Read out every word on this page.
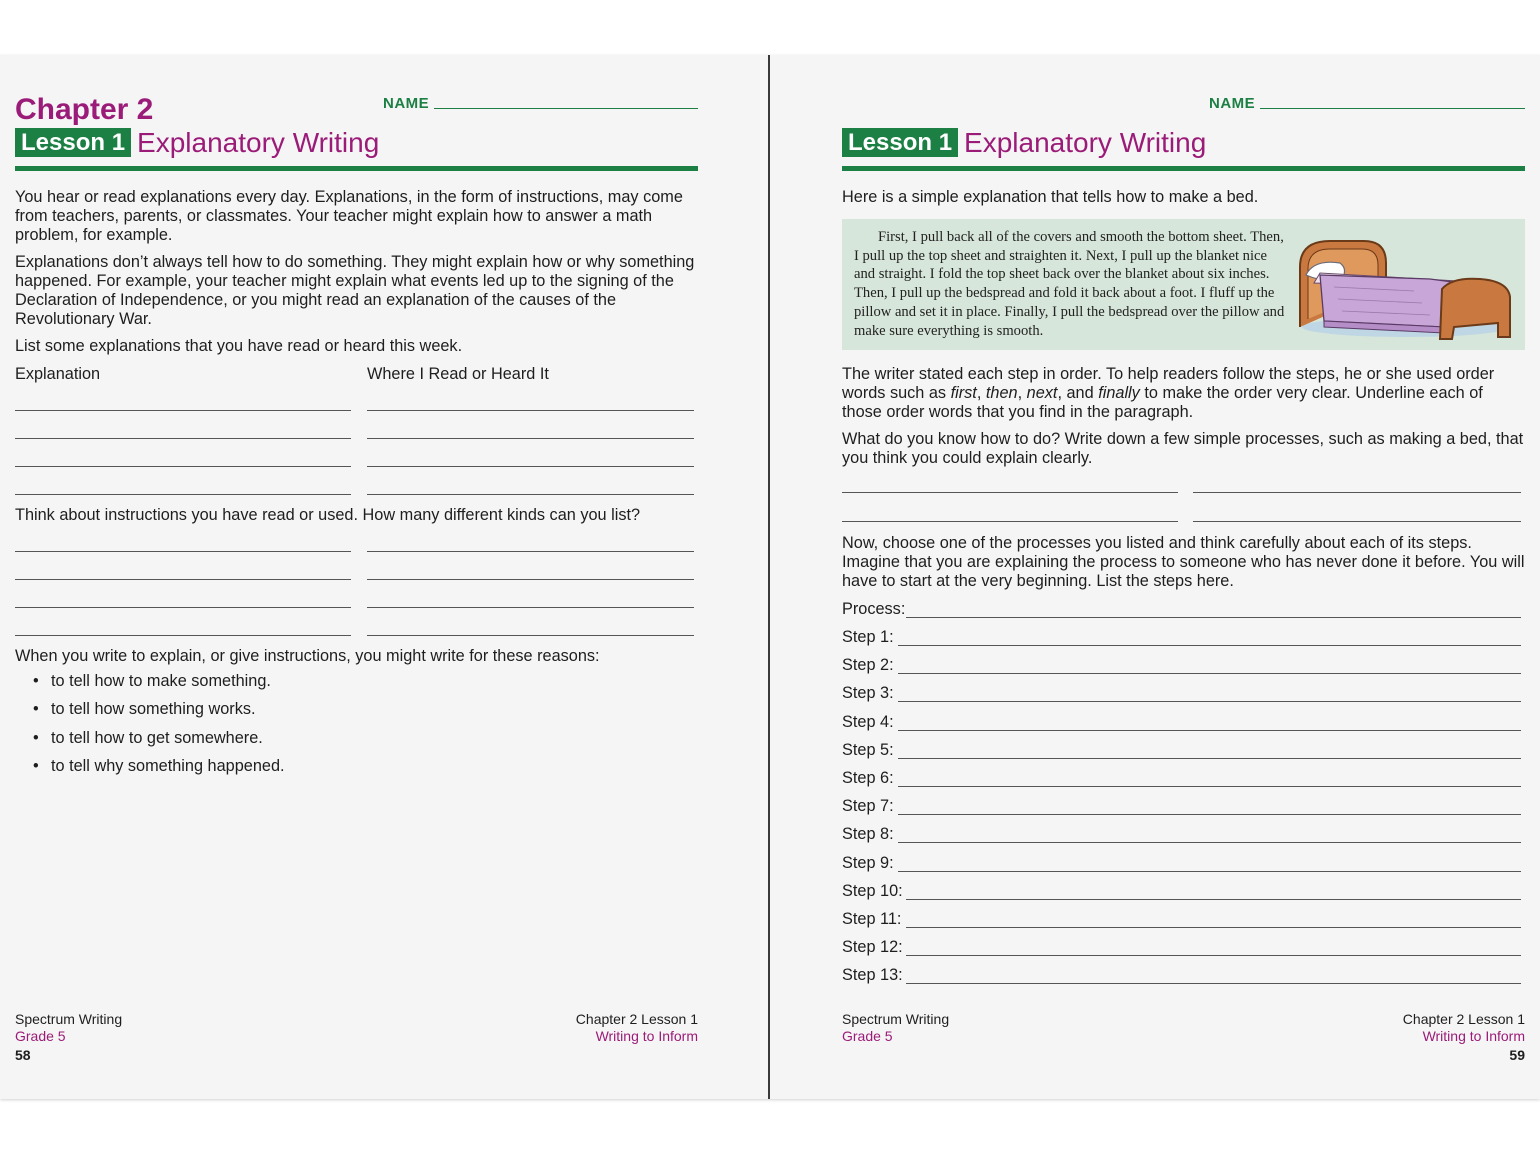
Chapter 2	NAME
Lesson 1 Explanatory Writing

You hear or read explanations every day. Explanations, in the form of instructions, may come from teachers, parents, or classmates. Your teacher might explain how to answer a math problem, for example.

Explanations don’t always tell how to do something. They might explain how or why something happened. For example, your teacher might explain what events led up to the signing of the Declaration of Independence, or you might read an explanation of the causes of the Revolutionary War.

List some explanations that you have read or heard this week.

Explanation	Where I Read or Heard It

Think about instructions you have read or used. How many different kinds can you list?

When you write to explain, or give instructions, you might write for these reasons:

• to tell how to make something.
• to tell how something works.
• to tell how to get somewhere.
• to tell why something happened.
Spectrum Writing
Grade 5
58
Chapter 2 Lesson 1
Writing to Inform
NAME
Lesson 1 Explanatory Writing

Here is a simple explanation that tells how to make a bed.

First, I pull back all of the covers and smooth the bottom sheet. Then, I pull up the top sheet and straighten it. Next, I pull up the blanket nice and straight. I fold the top sheet back over the blanket about six inches. Then, I pull up the bedspread and fold it back about a foot. I fluff up the pillow and set it in place. Finally, I pull the bedspread over the pillow and make sure everything is smooth.

The writer stated each step in order. To help readers follow the steps, he or she used order words such as first, then, next, and finally to make the order very clear. Underline each of those order words that you find in the paragraph.

What do you know how to do? Write down a few simple processes, such as making a bed, that you think you could explain clearly.

Now, choose one of the processes you listed and think carefully about each of its steps. Imagine that you are explaining the process to someone who has never done it before. You will have to start at the very beginning. List the steps here.

Process:
Step 1:
Step 2:
Step 3:
Step 4:
Step 5:
Step 6:
Step 7:
Step 8:
Step 9:
Step 10:
Step 11:
Step 12:
Step 13:
Spectrum Writing
Grade 5
Chapter 2 Lesson 1
Writing to Inform
59
